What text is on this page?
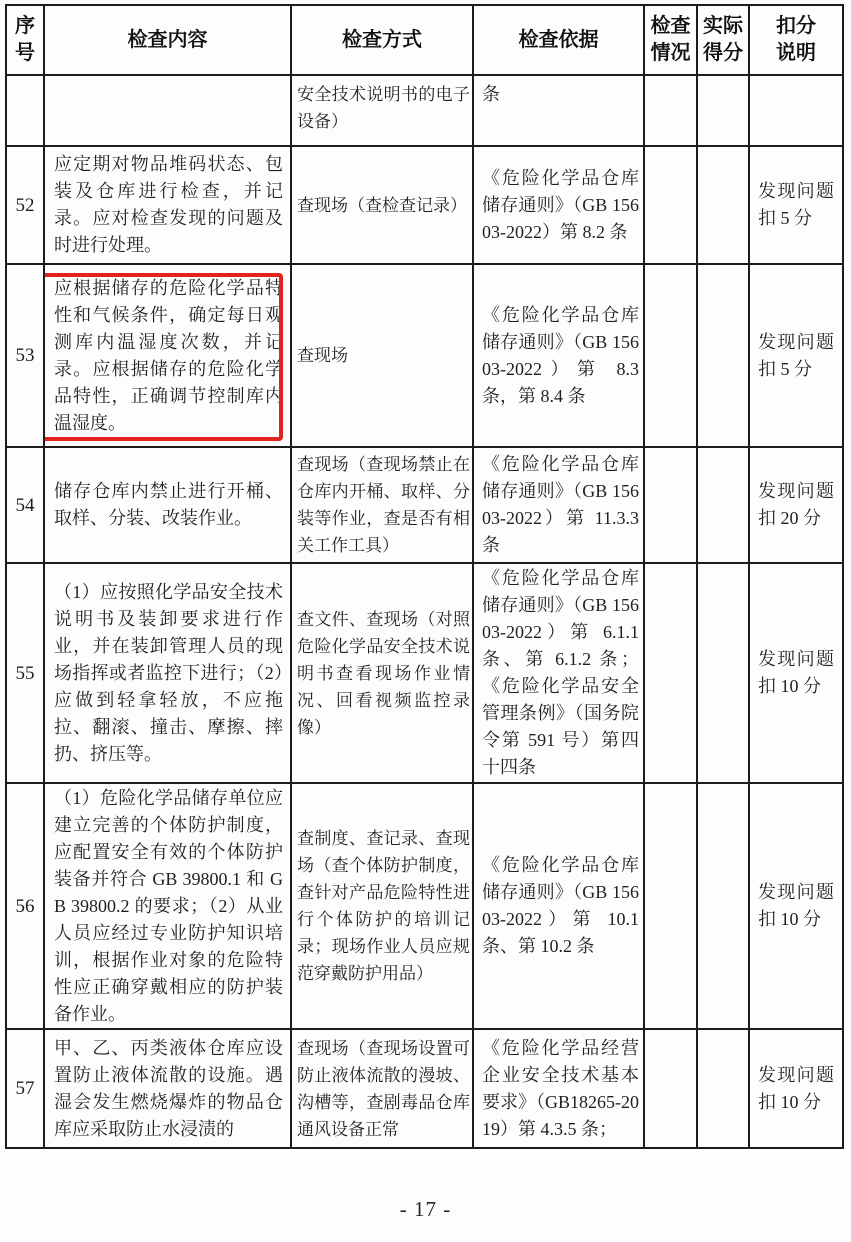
序号	检查内容	检查方式	检查依据	检查情况	实际得分	扣分说明

		安全技术说明书的电子设备）	条			

52	应定期对物品堆码状态、包装及仓库进行检查，并记录。应对检查发现的问题及时进行处理。	查现场（查检查记录）	《危险化学品仓库储存通则》（GB 15603-2022）第 8.2 条			发现问题扣 5 分

53	应根据储存的危险化学品特性和气候条件，确定每日观测库内温湿度次数，并记录。应根据储存的危险化学品特性，正确调节控制库内温湿度。	查现场	《危险化学品仓库储存通则》（GB 15603-2022）第 8.3 条，第 8.4 条			发现问题扣 5 分

54	储存仓库内禁止进行开桶、取样、分装、改装作业。	查现场（查现场禁止在仓库内开桶、取样、分装等作业，查是否有相关工作工具）	《危险化学品仓库储存通则》（GB 15603-2022）第 11.3.3 条			发现问题扣 20 分

55	（1）应按照化学品安全技术说明书及装卸要求进行作业，并在装卸管理人员的现场指挥或者监控下进行；（2）应做到轻拿轻放，不应拖拉、翻滚、撞击、摩擦、摔扔、挤压等。	查文件、查现场（对照危险化学品安全技术说明书查看现场作业情况、回看视频监控录像）	《危险化学品仓库储存通则》（GB 15603-2022）第 6.1.1 条、第 6.1.2 条；《危险化学品安全管理条例》（国务院令第 591 号）第四十四条			发现问题扣 10 分

56	（1）危险化学品储存单位应建立完善的个体防护制度，应配置安全有效的个体防护装备并符合 GB 39800.1 和 GB 39800.2 的要求；（2）从业人员应经过专业防护知识培训，根据作业对象的危险特性应正确穿戴相应的防护装备作业。	查制度、查记录、查现场（查个体防护制度，查针对产品危险特性进行个体防护的培训记录；现场作业人员应规范穿戴防护用品）	《危险化学品仓库储存通则》（GB 15603-2022）第 10.1 条、第 10.2 条			发现问题扣 10 分

57	甲、乙、丙类液体仓库应设置防止液体流散的设施。遇湿会发生燃烧爆炸的物品仓库应采取防止水浸渍的	查现场（查现场设置可防止液体流散的漫坡、沟槽等，查剧毒品仓库通风设备正常	《危险化学品经营企业安全技术基本要求》（GB18265-2019）第 4.3.5 条；			发现问题扣 10 分
- 17 -
